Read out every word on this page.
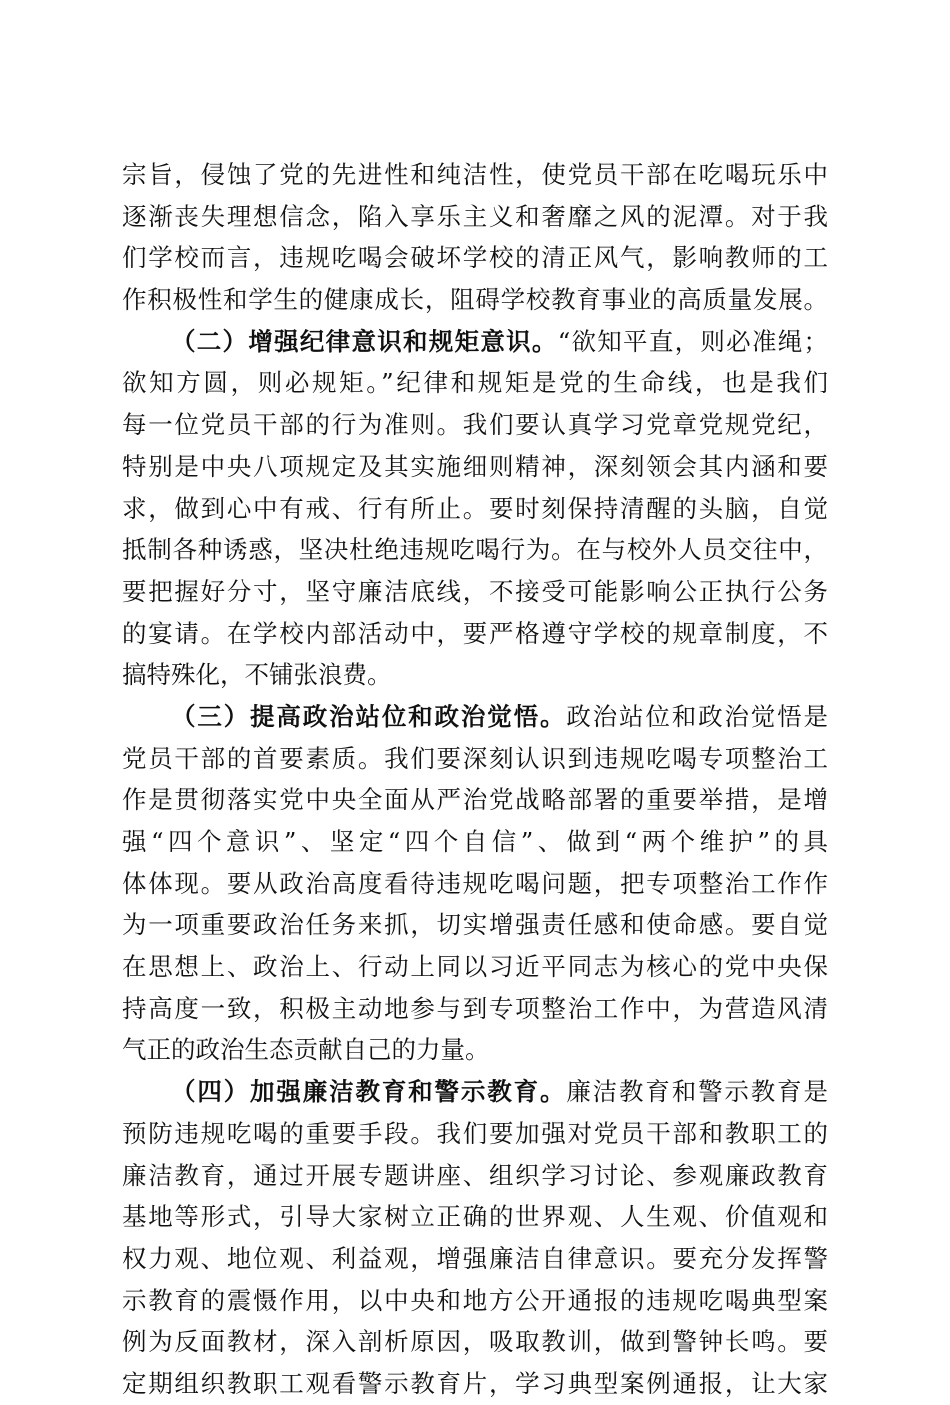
宗旨，侵蚀了党的先进性和纯洁性，使党员干部在吃喝玩乐中
逐渐丧失理想信念，陷入享乐主义和奢靡之风的泥潭。对于我
们学校而言，违规吃喝会破坏学校的清正风气，影响教师的工
作积极性和学生的健康成长，阻碍学校教育事业的高质量发展。
（二）增强纪律意识和规矩意识。“欲知平直，则必准绳；
欲知方圆，则必规矩。”纪律和规矩是党的生命线，也是我们
每一位党员干部的行为准则。我们要认真学习党章党规党纪，
特别是中央八项规定及其实施细则精神，深刻领会其内涵和要
求，做到心中有戒、行有所止。要时刻保持清醒的头脑，自觉
抵制各种诱惑，坚决杜绝违规吃喝行为。在与校外人员交往中，
要把握好分寸，坚守廉洁底线，不接受可能影响公正执行公务
的宴请。在学校内部活动中，要严格遵守学校的规章制度，不
搞特殊化，不铺张浪费。
（三）提高政治站位和政治觉悟。政治站位和政治觉悟是
党员干部的首要素质。我们要深刻认识到违规吃喝专项整治工
作是贯彻落实党中央全面从严治党战略部署的重要举措，是增
强“四个意识”、坚定“四个自信”、做到“两个维护”的具
体体现。要从政治高度看待违规吃喝问题，把专项整治工作作
为一项重要政治任务来抓，切实增强责任感和使命感。要自觉
在思想上、政治上、行动上同以习近平同志为核心的党中央保
持高度一致，积极主动地参与到专项整治工作中，为营造风清
气正的政治生态贡献自己的力量。
（四）加强廉洁教育和警示教育。廉洁教育和警示教育是
预防违规吃喝的重要手段。我们要加强对党员干部和教职工的
廉洁教育，通过开展专题讲座、组织学习讨论、参观廉政教育
基地等形式，引导大家树立正确的世界观、人生观、价值观和
权力观、地位观、利益观，增强廉洁自律意识。要充分发挥警
示教育的震慑作用，以中央和地方公开通报的违规吃喝典型案
例为反面教材，深入剖析原因，吸取教训，做到警钟长鸣。要
定期组织教职工观看警示教育片，学习典型案例通报，让大家
